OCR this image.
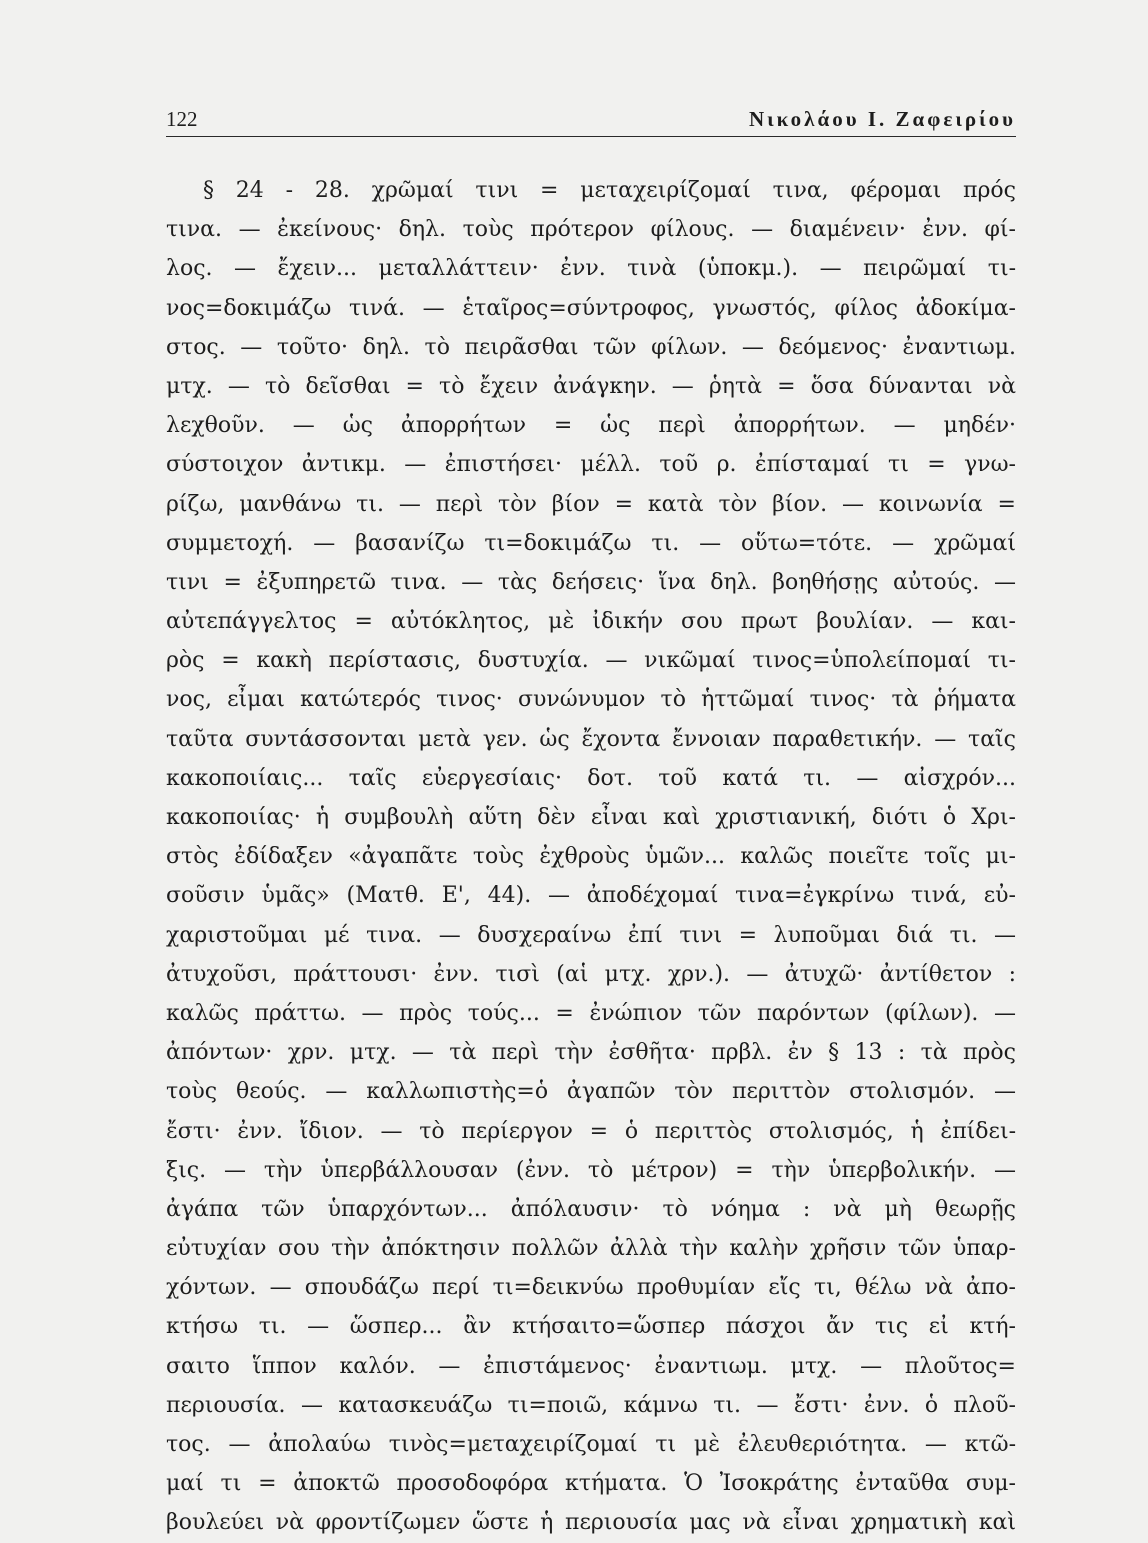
122	Νικολάου Ι. Ζαφειρίου
§ 24 - 28. χρῶμαί τινι = μεταχειρίζομαί τινα, φέρομαι πρός
τινα. — ἐκείνους· δηλ. τοὺς πρότερον φίλους. — διαμένειν· ἐνν. φί-
λος. — ἔχειν... μεταλλάττειν· ἐνν. τινὰ (ὑποκμ.). — πειρῶμαί τι-
νος=δοκιμάζω τινά. — ἑταῖρος=σύντροφος, γνωστός, φίλος ἀδοκίμα-
στος. — τοῦτο· δηλ. τὸ πειρᾶσθαι τῶν φίλων. — δεόμενος· ἐναντιωμ.
μτχ. — τὸ δεῖσθαι = τὸ ἔχειν ἀνάγκην. — ῥητὰ = ὅσα δύνανται νὰ
λεχθοῦν. — ὡς ἀπορρήτων = ὡς περὶ ἀπορρήτων. — μηδέν·
σύστοιχον ἀντικμ. — ἐπιστήσει· μέλλ. τοῦ ρ. ἐπίσταμαί τι = γνω-
ρίζω, μανθάνω τι. — περὶ τὸν βίον = κατὰ τὸν βίον. — κοινωνία =
συμμετοχή. — βασανίζω τι=δοκιμάζω τι. — οὕτω=τότε. — χρῶμαί
τινι = ἐξυπηρετῶ τινα. — τὰς δεήσεις· ἵνα δηλ. βοηθήσῃς αὐτούς. —
αὐτεπάγγελτος = αὐτόκλητος, μὲ ἰδικήν σου πρωτ βουλίαν. — και-
ρὸς = κακὴ περίστασις, δυστυχία. — νικῶμαί τινος=ὑπολείπομαί τι-
νος, εἶμαι κατώτερός τινος· συνώνυμον τὸ ἡττῶμαί τινος· τὰ ῥήματα
ταῦτα συντάσσονται μετὰ γεν. ὡς ἔχοντα ἔννοιαν παραθετικήν. — ταῖς
κακοποιίαις... ταῖς εὐεργεσίαις· δοτ. τοῦ κατά τι. — αἰσχρόν...
κακοποιίας· ἡ συμβουλὴ αὕτη δὲν εἶναι καὶ χριστιανική, διότι ὁ Χρι-
στὸς ἐδίδαξεν «ἀγαπᾶτε τοὺς ἐχθροὺς ὑμῶν... καλῶς ποιεῖτε τοῖς μι-
σοῦσιν ὑμᾶς» (Ματθ. Ε', 44). — ἀποδέχομαί τινα=ἐγκρίνω τινά, εὐ-
χαριστοῦμαι μέ τινα. — δυσχεραίνω ἐπί τινι = λυποῦμαι διά τι. —
ἀτυχοῦσι, πράττουσι· ἐνν. τισὶ (αἱ μτχ. χρν.). — ἀτυχῶ· ἀντίθετον :
καλῶς πράττω. — πρὸς τούς... = ἐνώπιον τῶν παρόντων (φίλων). —
ἀπόντων· χρν. μτχ. — τὰ περὶ τὴν ἐσθῆτα· πρβλ. ἐν § 13 : τὰ πρὸς
τοὺς θεούς. — καλλωπιστὴς=ὁ ἀγαπῶν τὸν περιττὸν στολισμόν. —
ἔστι· ἐνν. ἴδιον. — τὸ περίεργον = ὁ περιττὸς στολισμός, ἡ ἐπίδει-
ξις. — τὴν ὑπερβάλλουσαν (ἐνν. τὸ μέτρον) = τὴν ὑπερβολικήν. —
ἀγάπα τῶν ὑπαρχόντων... ἀπόλαυσιν· τὸ νόημα : νὰ μὴ θεωρῇς
εὐτυχίαν σου τὴν ἀπόκτησιν πολλῶν ἀλλὰ τὴν καλὴν χρῆσιν τῶν ὑπαρ-
χόντων. — σπουδάζω περί τι=δεικνύω προθυμίαν εἴς τι, θέλω νὰ ἀπο-
κτήσω τι. — ὥσπερ... ἂν κτήσαιτο=ὥσπερ πάσχοι ἄν τις εἰ κτή-
σαιτο ἵππον καλόν. — ἐπιστάμενος· ἐναντιωμ. μτχ. — πλοῦτος=
περιουσία. — κατασκευάζω τι=ποιῶ, κάμνω τι. — ἔστι· ἐνν. ὁ πλοῦ-
τος. — ἀπολαύω τινὸς=μεταχειρίζομαί τι μὲ ἐλευθεριότητα. — κτῶ-
μαί τι = ἀποκτῶ προσοδοφόρα κτήματα. Ὁ Ἰσοκράτης ἐνταῦθα συμ-
βουλεύει νὰ φροντίζωμεν ὥστε ἡ περιουσία μας νὰ εἶναι χρηματικὴ καὶ
